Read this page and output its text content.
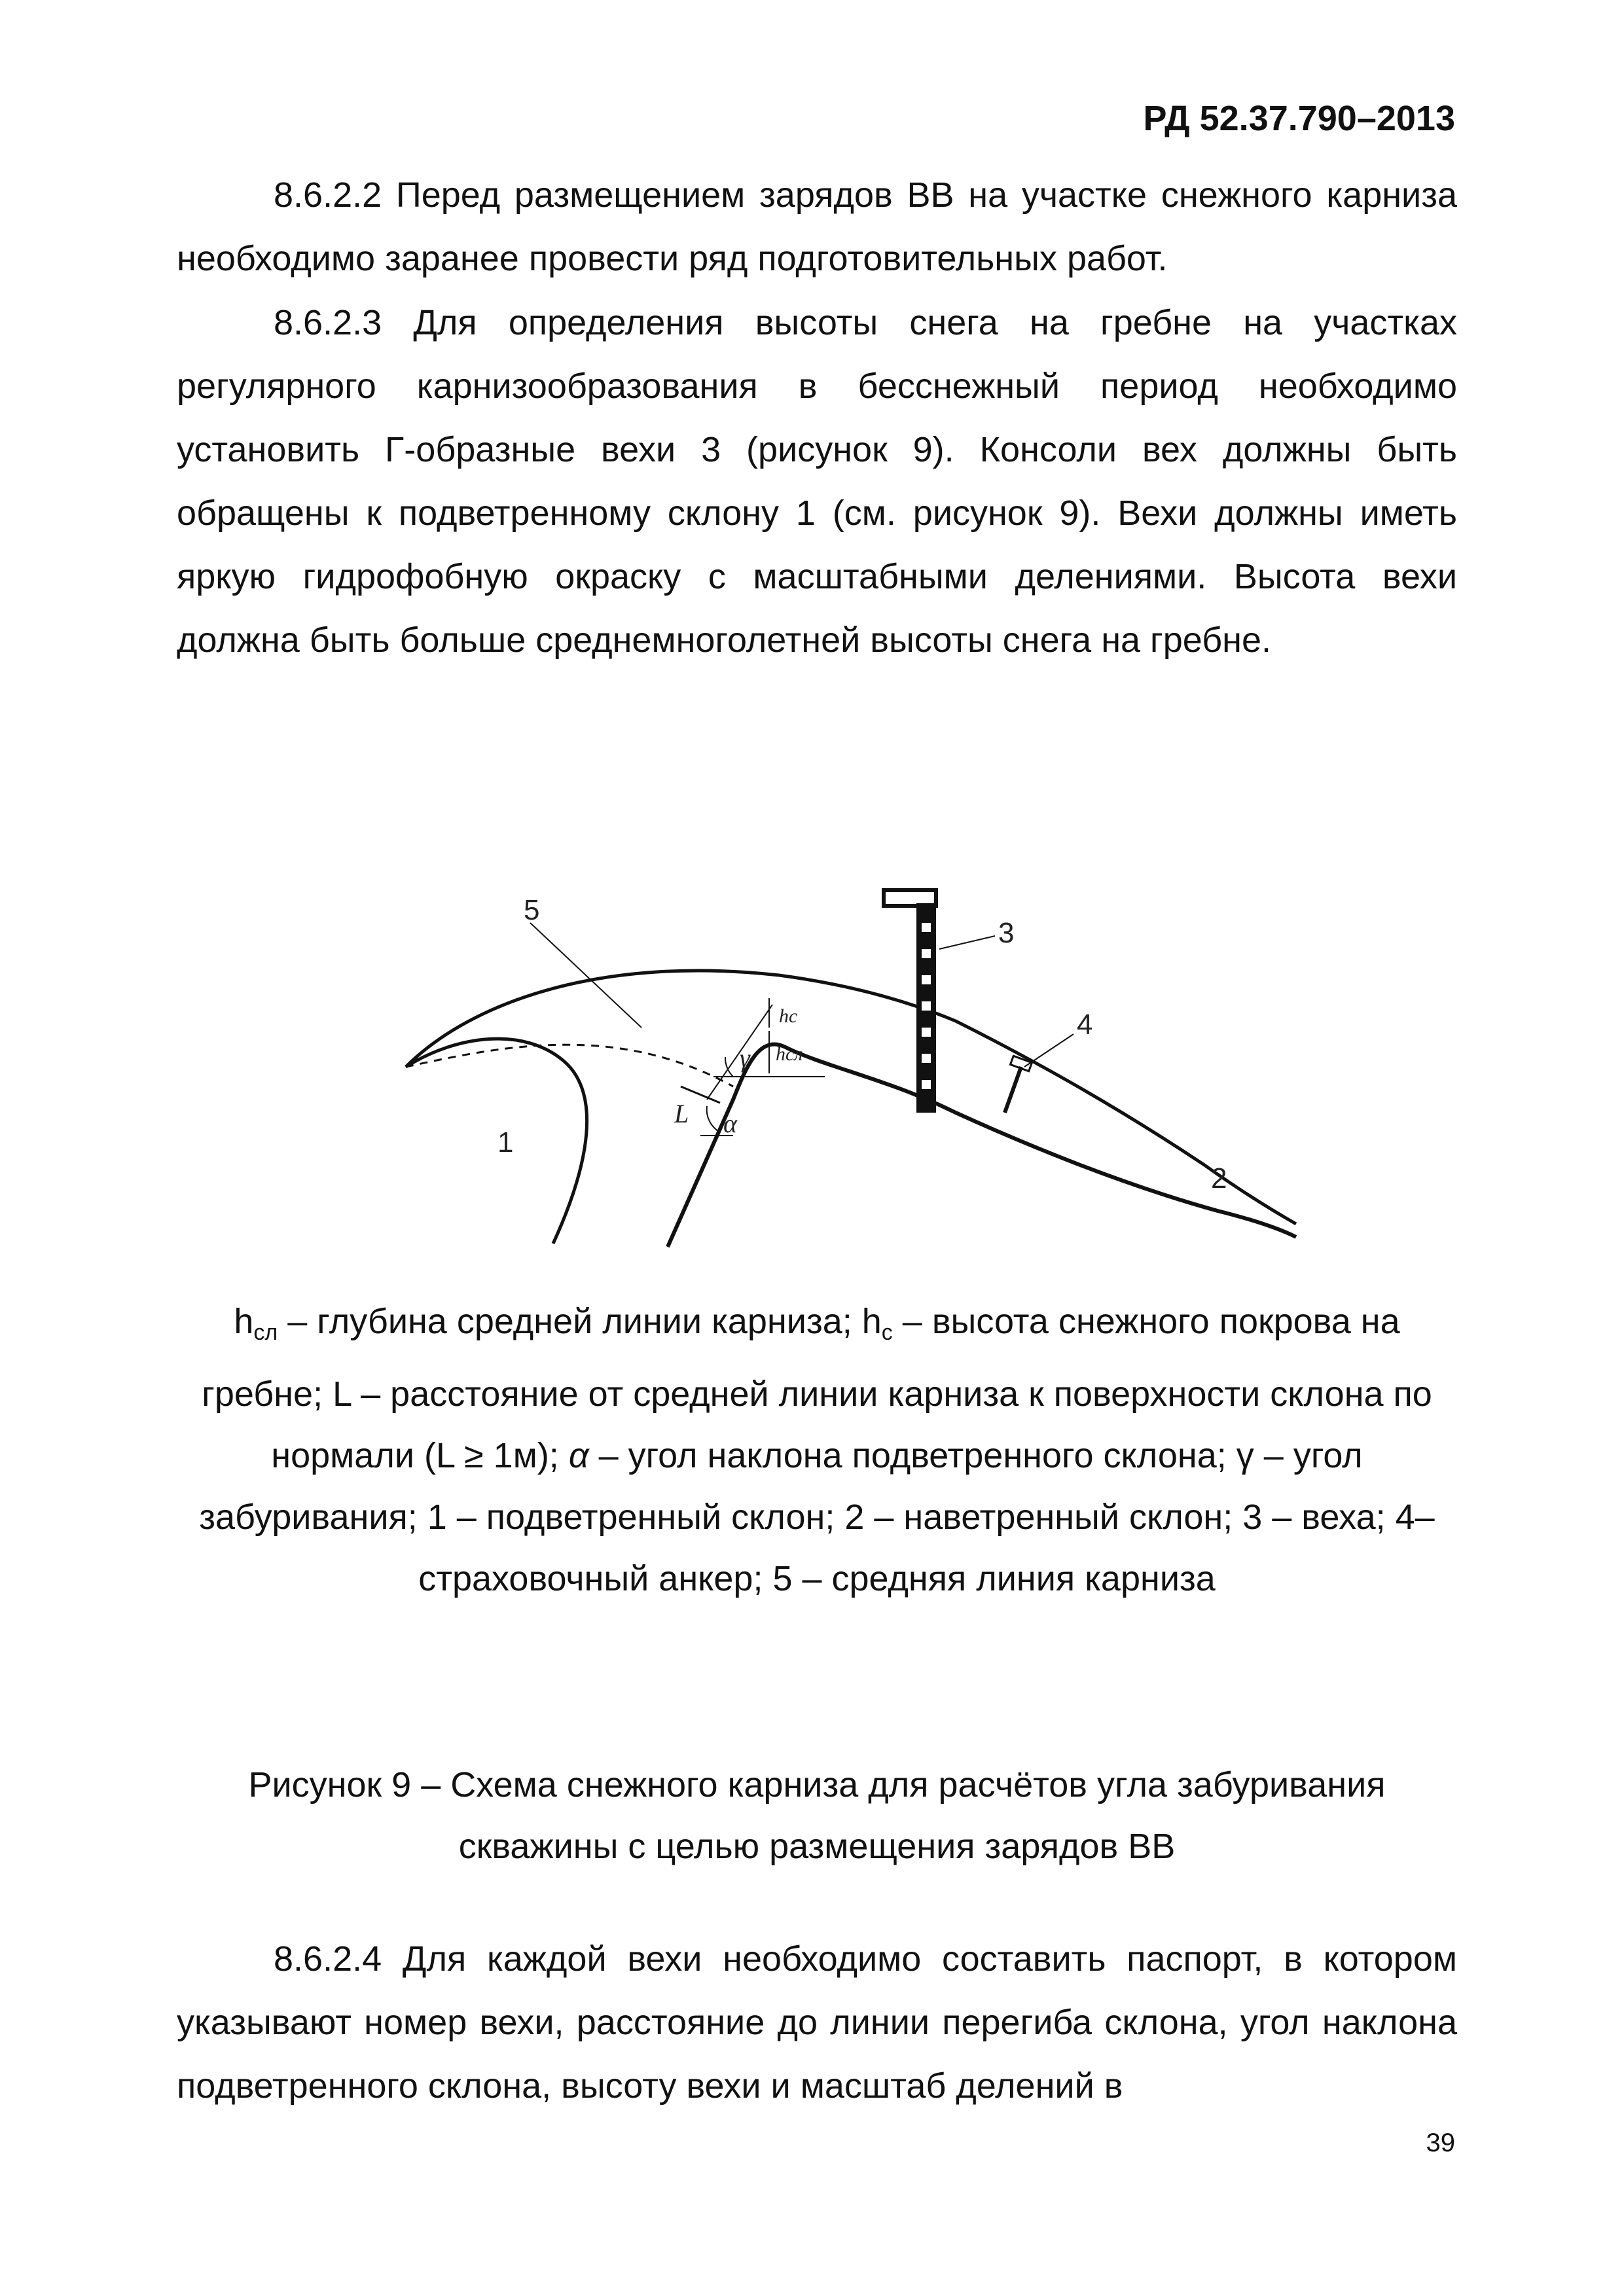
РД 52.37.790–2013

8.6.2.2 Перед размещением зарядов ВВ на участке снежного карниза необходимо заранее провести ряд подготовительных работ.

8.6.2.3 Для определения высоты снега на гребне на участках регулярного карнизообразования в бесснежный период необходимо установить Г-образные вехи 3 (рисунок 9). Консоли вех должны быть обращены к подветренному склону 1 (см. рисунок 9). Вехи должны иметь яркую гидрофобную окраску с масштабными делениями. Высота вехи должна быть больше среднемноголетней высоты снега на гребне.

5
3
4
1
2
hc
hсл
γ
L α

$h_{сл}$ – глубина средней линии карниза; $h_c$ – высота снежного покрова на гребне; L – расстояние от средней линии карниза к поверхности склона по нормали (L ≥ 1м); α – угол наклона подветренного склона; γ – угол забуривания; 1 – подветренный склон; 2 – наветренный склон; 3 – веха; 4– страховочный анкер; 5 – средняя линия карниза

Рисунок 9 – Схема снежного карниза для расчётов угла забуривания скважины с целью размещения зарядов ВВ

8.6.2.4 Для каждой вехи необходимо составить паспорт, в котором указывают номер вехи, расстояние до линии перегиба склона, угол наклона подветренного склона, высоту вехи и масштаб делений в

39
